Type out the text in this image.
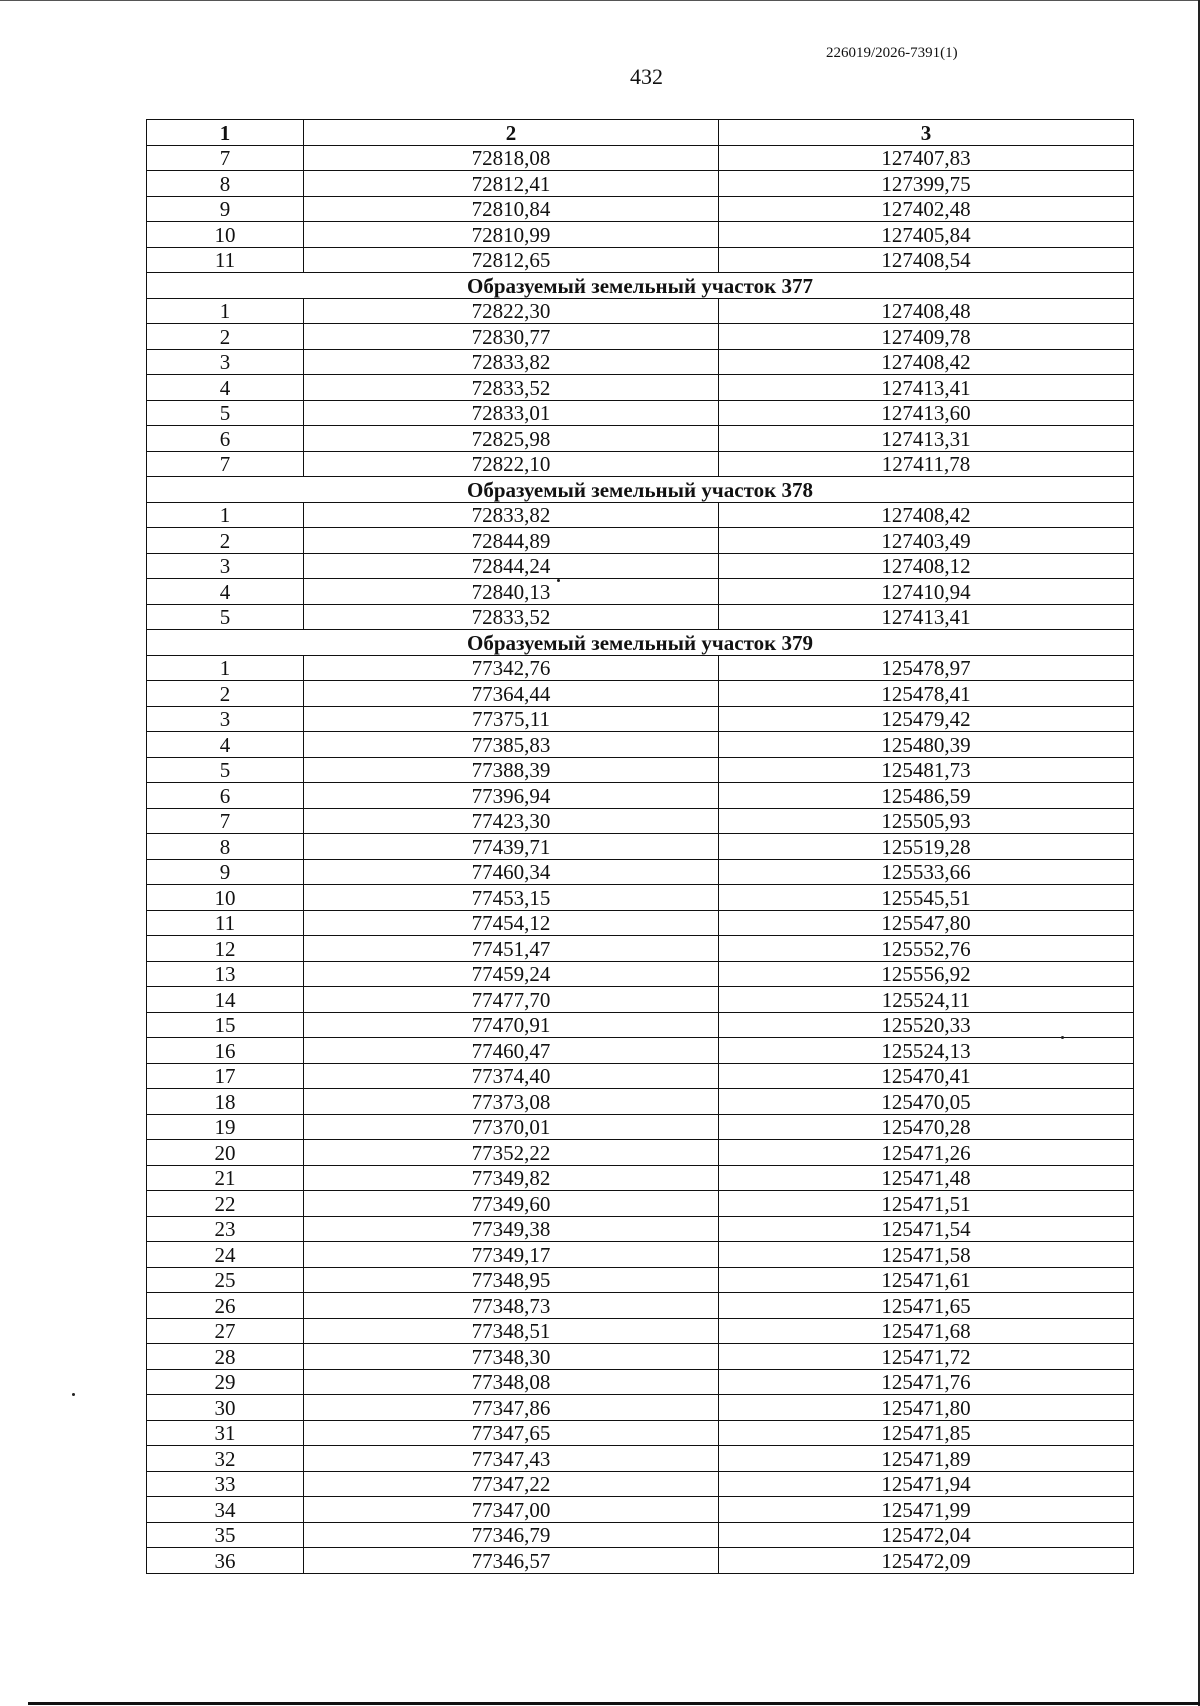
226019/2026-7391(1)
432
1	2	3
7	72818,08	127407,83
8	72812,41	127399,75
9	72810,84	127402,48
10	72810,99	127405,84
11	72812,65	127408,54
Образуемый земельный участок 377		
1	72822,30	127408,48
2	72830,77	127409,78
3	72833,82	127408,42
4	72833,52	127413,41
5	72833,01	127413,60
6	72825,98	127413,31
7	72822,10	127411,78
Образуемый земельный участок 378		
1	72833,82	127408,42
2	72844,89	127403,49
3	72844,24	127408,12
4	72840,13	127410,94
5	72833,52	127413,41
Образуемый земельный участок 379		
1	77342,76	125478,97
2	77364,44	125478,41
3	77375,11	125479,42
4	77385,83	125480,39
5	77388,39	125481,73
6	77396,94	125486,59
7	77423,30	125505,93
8	77439,71	125519,28
9	77460,34	125533,66
10	77453,15	125545,51
11	77454,12	125547,80
12	77451,47	125552,76
13	77459,24	125556,92
14	77477,70	125524,11
15	77470,91	125520,33
16	77460,47	125524,13
17	77374,40	125470,41
18	77373,08	125470,05
19	77370,01	125470,28
20	77352,22	125471,26
21	77349,82	125471,48
22	77349,60	125471,51
23	77349,38	125471,54
24	77349,17	125471,58
25	77348,95	125471,61
26	77348,73	125471,65
27	77348,51	125471,68
28	77348,30	125471,72
29	77348,08	125471,76
30	77347,86	125471,80
31	77347,65	125471,85
32	77347,43	125471,89
33	77347,22	125471,94
34	77347,00	125471,99
35	77346,79	125472,04
36	77346,57	125472,09
